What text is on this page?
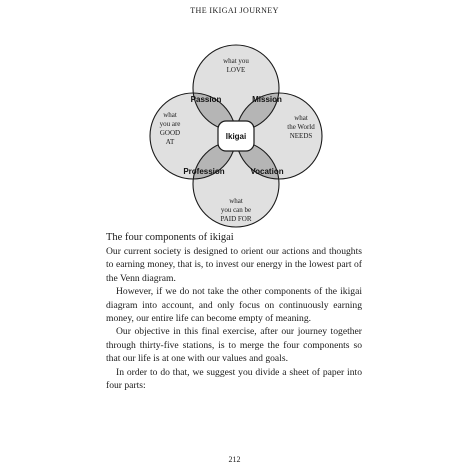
THE IKIGAI JOURNEY
Ikigai
what you
LOVE
what
you are
GOOD
AT
what
the World
NEEDS
what
you can be
PAID FOR
Passion	Mission
Profession	Vocation
The four components of ikigai

Our current society is designed to orient our actions and thoughts to earning money, that is, to invest our energy in the lowest part of the Venn diagram.

However, if we do not take the other components of the ikigai diagram into account, and only focus on continuously earning money, our entire life can become empty of meaning.

Our objective in this final exercise, after our journey together through thirty-five stations, is to merge the four components so that our life is at one with our values and goals.

In order to do that, we suggest you divide a sheet of paper into four parts:

212
